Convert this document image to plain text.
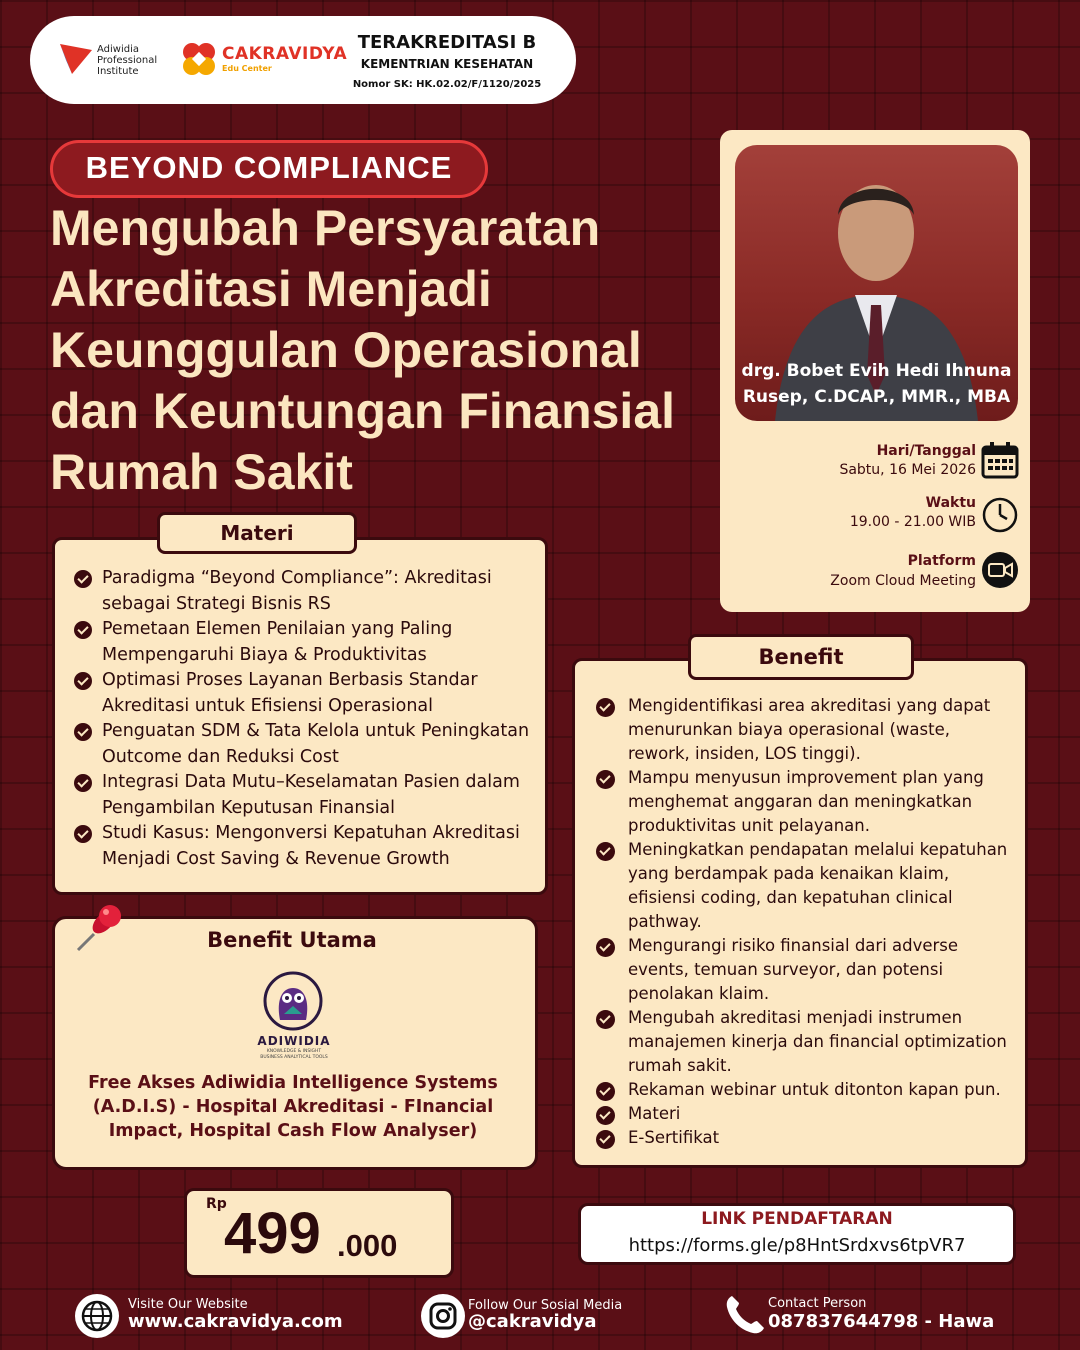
Adiwidia
Professional
Institute
CAKRAVIDYA
Edu Center
TERAKREDITASI B
KEMENTRIAN KESEHATAN
Nomor SK: HK.02.02/F/1120/2025
BEYOND COMPLIANCE
Mengubah Persyaratan
Akreditasi Menjadi
Keunggulan Operasional
dan Keuntungan Finansial
Rumah Sakit
drg. Bobet Evih Hedi Ihnuna
Rusep, C.DCAP., MMR., MBA
Hari/Tanggal
Sabtu, 16 Mei 2026
Waktu
19.00 - 21.00 WIB
Platform
Zoom Cloud Meeting
Materi
Paradigma “Beyond Compliance”: Akreditasi sebagai Strategi Bisnis RS
Pemetaan Elemen Penilaian yang Paling Mempengaruhi Biaya & Produktivitas
Optimasi Proses Layanan Berbasis Standar Akreditasi untuk Efisiensi Operasional
Penguatan SDM & Tata Kelola untuk Peningkatan Outcome dan Reduksi Cost
Integrasi Data Mutu–Keselamatan Pasien dalam Pengambilan Keputusan Finansial
Studi Kasus: Mengonversi Kepatuhan Akreditasi Menjadi Cost Saving & Revenue Growth
Benefit Utama
ADIWIDIA
KNOWLEDGE & INSIGHT
BUSINESS ANALYTICAL TOOLS
Free Akses Adiwidia Intelligence Systems (A.D.I.S) - Hospital Akreditasi - FInancial Impact, Hospital Cash Flow Analyser)
Rp
499 .000
Benefit
Mengidentifikasi area akreditasi yang dapat menurunkan biaya operasional (waste, rework, insiden, LOS tinggi).
Mampu menyusun improvement plan yang menghemat anggaran dan meningkatkan produktivitas unit pelayanan.
Meningkatkan pendapatan melalui kepatuhan yang berdampak pada kenaikan klaim, efisiensi coding, dan kepatuhan clinical pathway.
Mengurangi risiko finansial dari adverse events, temuan surveyor, dan potensi penolakan klaim.
Mengubah akreditasi menjadi instrumen manajemen kinerja dan financial optimization rumah sakit.
Rekaman webinar untuk ditonton kapan pun.
Materi
E-Sertifikat
LINK PENDAFTARAN
https://forms.gle/p8HntSrdxvs6tpVR7
Visite Our Website
www.cakravidya.com
Follow Our Sosial Media
@cakravidya
Contact Person
087837644798 - Hawa
